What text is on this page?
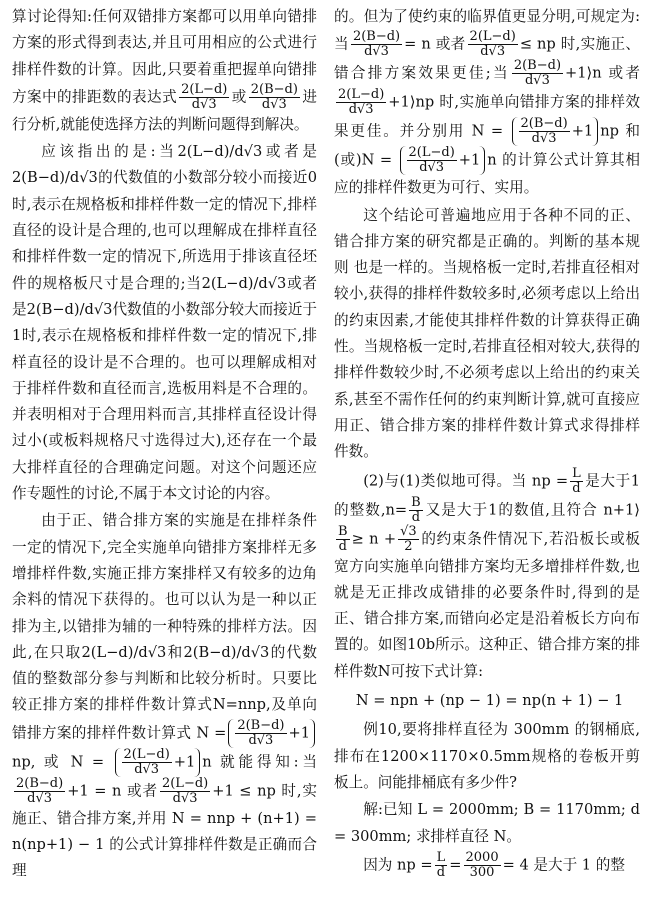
算讨论得知:任何双错排方案都可以用单向错排方案的形式得到表达,并且可用相应的公式进行排样件数的计算。因此,只要着重把握单向错排方案中的排距数的表达式 $\frac{2(L-d)}{d√3}$ 或 $\frac{2(B-d)}{d√3}$ 进行分析,就能使选择方法的判断问题得到解决。

应该指出的是:当2(L−d)/d√3或者是2(B−d)/d√3的代数值的小数部分较小而接近0时,表示在规格板和排样件数一定的情况下,排样直径的设计是合理的,也可以理解成在排样直径和排样件数一定的情况下,所选用于排该直径坯件的规格板尺寸是合理的;当2(L−d)/d√3或者是2(B−d)/d√3代数值的小数部分较大而接近于1时,表示在规格板和排样件数一定的情况下,排样直径的设计是不合理的。也可以理解成相对于排样件数和直径而言,选板用料是不合理的。并表明相对于合理用料而言,其排样直径设计得过小(或板料规格尺寸选得过大),还存在一个最大排样直径的合理确定问题。对这个问题还应作专题性的讨论,不属于本文讨论的内容。

由于正、错合排方案的实施是在排样条件一定的情况下,完全实施单向错排方案排样无多增排样件数,实施正排方案排样又有较多的边角余料的情况下获得的。也可以认为是一种以正排为主,以错排为辅的一种特殊的排样方法。因此,在只取2(L−d)/d√3和2(B−d)/d√3的代数值的整数部分参与判断和比较分析时。只要比较正排方案的排样件数计算式N=nnp,及单向错排方案的排样件数计算式 $N = \frac{2(B-d)}{d√3} +1np$, 或 $N = \frac{2(L-d)}{d√3} +1$ n 就能得知:当
$\frac{2(B-d)}{d√3} +1 = n$ 或者 $\frac{2(L-d)}{d√3} +1$ ≤ np 时,实施正、错合排方案,并用 N = nnp + (n+1) = n(np+1) − 1 的公式计算排样件数是正确而合理

的。但为了使约束的临界值更显分明,可规定为:当 $\frac{2(B-d)}{d√3} = n$ 或者 $\frac{2(L-d)}{d√3}$ ≤ np 时,实施正、错合排方案效果更佳;当 $\frac{2(B-d)}{d√3}$ +1⟩n 或者
$\frac{2(L-d)}{d√3}$ +1⟩np 时,实施单向错排方案的排样效果更佳。并分别用 $N = \frac{2(B-d)}{d√3} +1$ np 和(或)$N = \frac{2(L-d)}{d√3} +1$ n 的计算公式计算其相应的排样件数更为可行、实用。

这个结论可普遍地应用于各种不同的正、错合排方案的研究都是正确的。判断的基本规则 也是一样的。当规格板一定时,若排直径相对较小,获得的排样件数较多时,必须考虑以上给出的约束因素,才能使其排样件数的计算获得正确性。当规格板一定时,若排直径相对较大,获得的排样件数较少时,不必须考虑以上给出的约束关系,甚至不需作任何的约束判断计算,就可直接应用正、错合排方案的排样件数计算式求得排样件数。

(2)与(1)类似地可得。当 np = $\frac{L}{d}$ 是大于1的整数$,n= \frac{B}{d}$ 又是大于1的数值,且符合 n+1⟩
$\frac{B}{d} \ge n + \frac{√3}{2}$ 的约束条件情况下,若沿板长或板宽方向实施单向错排方案均无多增排样件数,也就是无正排改成错排的必要条件时,得到的是正、错合排方案,而错向必定是沿着板长方向布置的。如图10b所示。这种正、错合排方案的排样件数N可按下式计算:

N = npn + (np − 1) = np(n + 1) − 1

例10,要将排样直径为 300mm 的钢桶底,排布在1200×1170×0.5mm规格的卷板开剪板上。问能排桶底有多少件?

解:已知 L = 2000mm; B = 1170mm; d = 300mm; 求排样直径 N。

因为 np = $\frac{L}{d} = \frac{2000}{300} = 4$ 是大于 1 的整
